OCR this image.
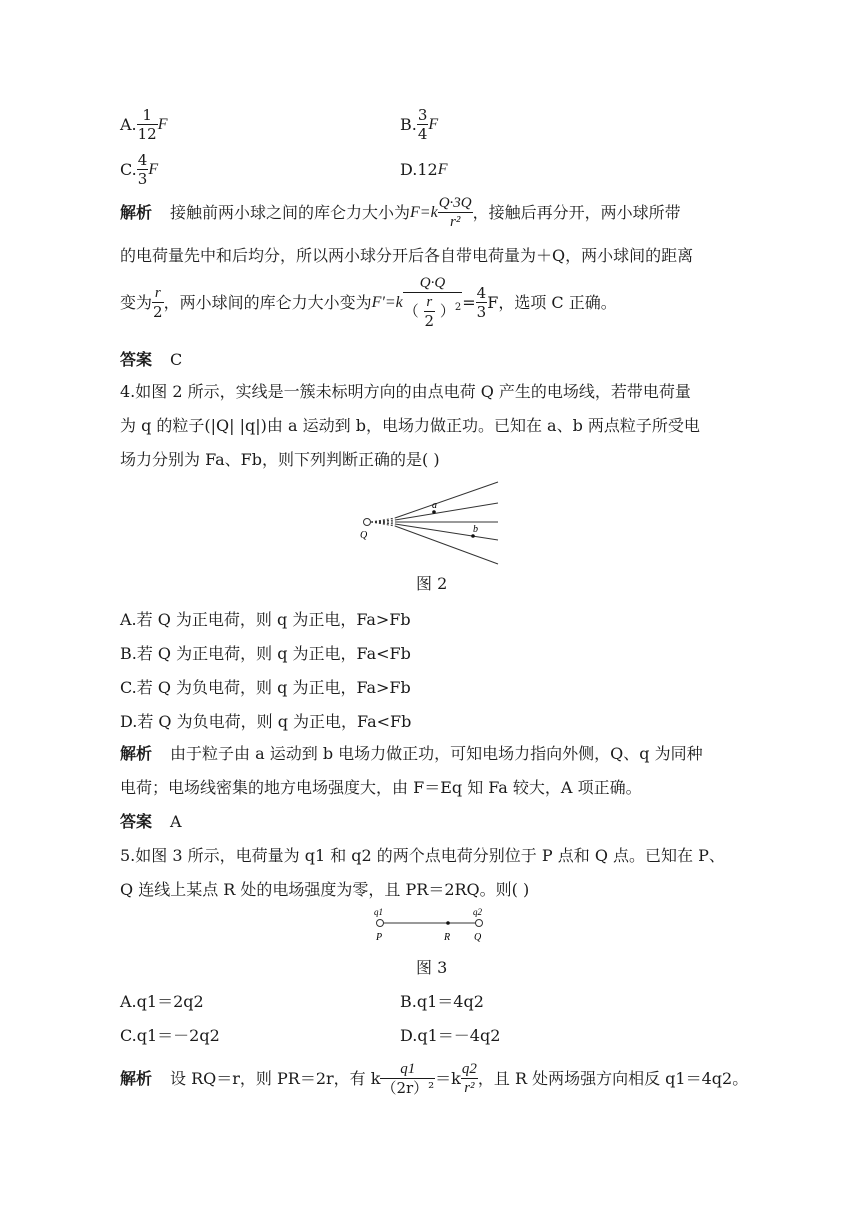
A. $\frac{1}{12}$ F	B. $\frac{3}{4}$ F
C. $\frac{4}{3}$ F	D. 12 F
解析 接触前两小球之间的库仑力大小为 $F=k \frac{Q\cdot 3Q}{\text{r²}}$ ，接触后再分开，两小球所带
的电荷量先中和后均分，所以两小球分开后各自带电荷量为＋Q，两小球间的距离
变为 $\frac{r}{2}$ ，两小球间的库仑力大小变为 $F'=k \frac{Q\cdot Q}{( \frac{r}{2} )^2} = \frac{4}{3}$ F，选项 C 正确。
答案 C
4.如图 2 所示，实线是一簇未标明方向的由点电荷 Q 产生的电场线，若带电荷量
为 q 的粒子(|Q| |q|)由 a 运动到 b，电场力做正功。已知在 a、b 两点粒子所受电
场力分别为 Fa、Fb，则下列判断正确的是( )
a
b
Q
图 2
A.若 Q 为正电荷，则 q 为正电，Fa>Fb
B.若 Q 为正电荷，则 q 为正电，Fa<Fb
C.若 Q 为负电荷，则 q 为正电，Fa>Fb
D.若 Q 为负电荷，则 q 为正电，Fa<Fb
解析 由于粒子由 a 运动到 b 电场力做正功，可知电场力指向外侧，Q、q 为同种
电荷；电场线密集的地方电场强度大，由 F＝Eq 知 Fa 较大，A 项正确。
答案 A
5.如图 3 所示，电荷量为 q1 和 q2 的两个点电荷分别位于 P 点和 Q 点。已知在 P、
Q 连线上某点 R 处的电场强度为零，且 PR＝2RQ。则( )
q1	q2
P	R Q
图 3
A.q1＝2q2	B.q1＝4q2
C.q1＝－2q2	D.q1＝－4q2
解析 设 RQ＝r，则 PR＝2r，有 k $\frac{q1}{\text{（2r）²}} =k \frac{q2}{\text{r²}}$ ，且 R 处两场强方向相反 q1＝4q2。
